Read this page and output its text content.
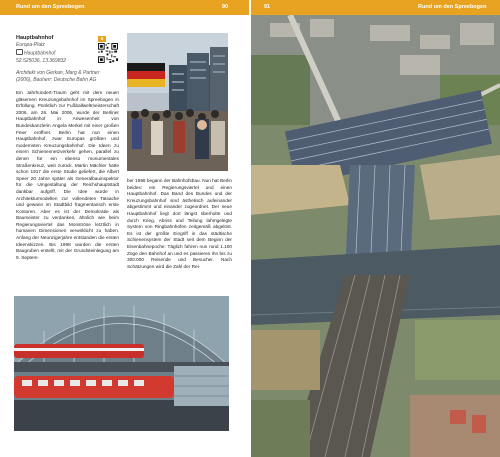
Rund um den Spreebogen	90
Hauptbahnhof
Europa-Platz
Hauptbahnhof
52.525036, 13.369832
Architekt von Gerkan, Marg & Partner (2006), Bauherr: Deutsche Bahn AG
5
Ein Jahrhundert-Traum geht mit dem neuen gläsernen Kreuzungsbahnhof im Spreebogen in Erfüllung. Pünktlich zur Fußballweltmeisterschaft 2006, am 26. Mai 2006, wurde der Berliner Hauptbahnhof in Anwesenheit von Bundeskanzlerin Angela Merkel mit einer großen Feier eröffnet. Berlin hat nun einen Hauptbahnhof, zwar Europas größten und modernsten Kreuzungsbahnhof. Die Ideen zu einem Schienennetzverkehr gehen, parallel zu denen für ein ebenso monumentales Straßenkreuz, weit zurück. Martin Mächler hatte schon 1917 die erste Studie geliefert, die Albert Speer 20 Jahre später als Generalbauinspektor für die Umgestaltung der Reichshauptstadt dankbar aufgriff. Die Idee wurde in Architekturmodellen zur vollendeten Tatsache und gewann im Stadtbild fragmentarisch erste Konturen. Aber es ist der Demokratie als Baumeister zu verdanken, ähnlich wie beim Regierungsviertel das Monströse letztlich in humanen Dimensionen verwirklicht zu haben. Anfang der Neunzigerjahre entstanden die ersten Ideenskizzen. Bis 1998 wurden die ersten Baugruben erstellt, mit der Grundsteinlegung am 9. Septem-
ber 1998 begann der Bahnhofsbau. Nun hat Berlin beides: ein Regierungsviertel und einen Hauptbahnhof. Das Band des Bundes und der Kreuzungsbahnhof sind ästhetisch aufeinander abgestimmt und einander zugeordnet. Der neue Hauptbahnhof liegt dort längst überholte und durch Krieg, Abriss und Teilung lahmgelegte System von Ringbahnhöfen zeitgemäß abgelöst. Es ist der größte Eingriff in das städtische Schienensystem der Stadt seit dem Beginn der Eisenbahnepoche: Täglich fahren nun rund 1.100 Züge den Bahnhof an und es passieren ihn bis zu 300.000 Reisende und Besucher. Nach Schätzungen wird die Zahl der Rei-
91	Rund um den Spreebogen
